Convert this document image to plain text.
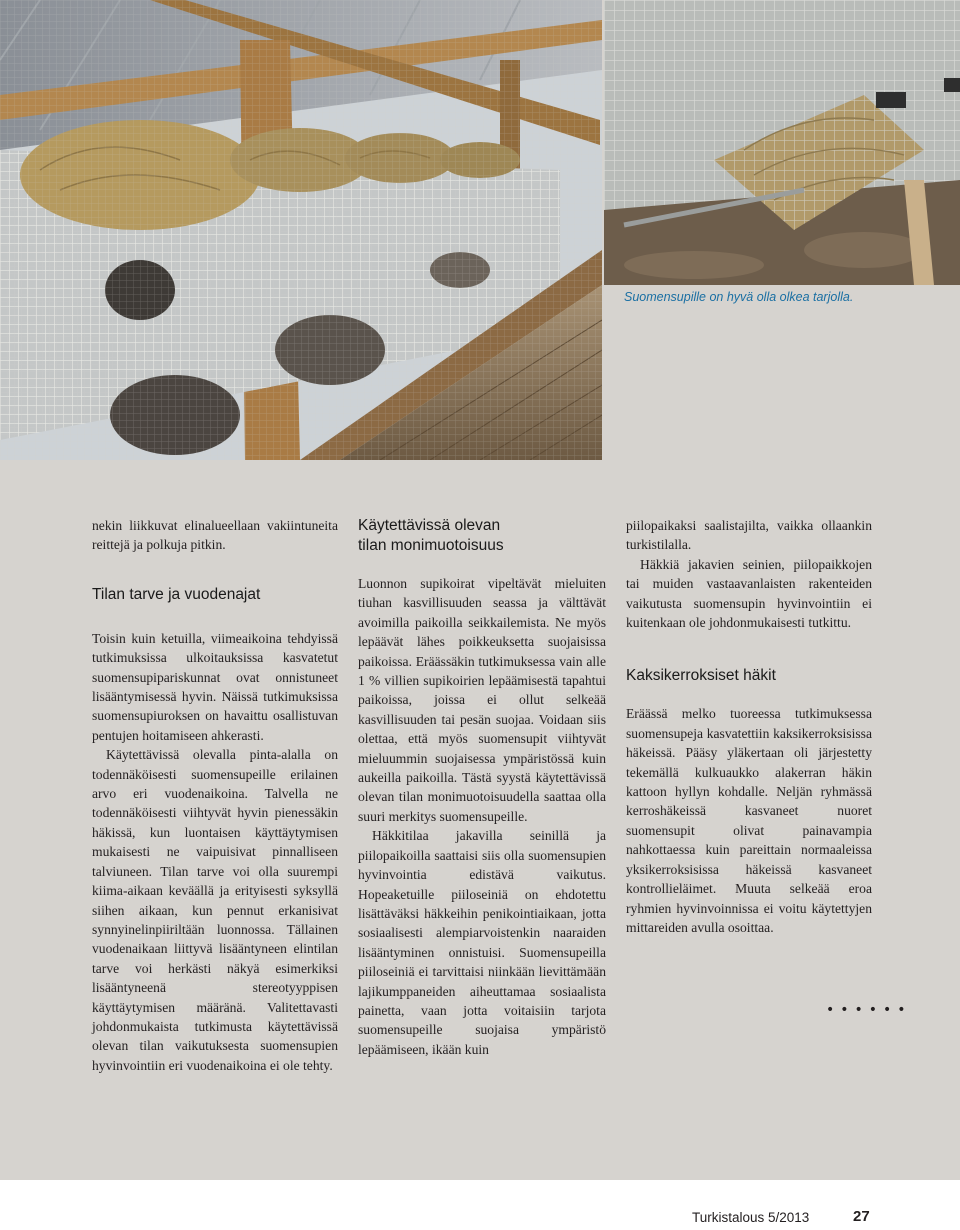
Suomensupille on hyvä olla olkea tarjolla.

nekin liikkuvat elinalueellaan vakiintuneita reittejä ja polkuja pitkin.

Tilan tarve ja vuodenajat

Toisin kuin ketuilla, viimeaikoina tehdyissä tutkimuksissa ulkoitauksissa kasvatetut suomensupipariskunnat ovat onnistuneet lisääntymisessä hyvin. Näissä tutkimuksissa suomensupiuroksen on havaittu osallistuvan pentujen hoitamiseen ahkerasti.

Käytettävissä olevalla pinta-alalla on todennäköisesti suomensupeille erilainen arvo eri vuodenaikoina. Talvella ne todennäköisesti viihtyvät hyvin pienessäkin häkissä, kun luontaisen käyttäytymisen mukaisesti ne vaipuisivat pinnalliseen talviuneen. Tilan tarve voi olla suurempi kiima-aikaan keväällä ja erityisesti syksyllä siihen aikaan, kun pennut erkanisivat synnyinelinpiiriltään luonnossa. Tällainen vuodenaikaan liittyvä lisääntyneen elintilan tarve voi herkästi näkyä esimerkiksi lisääntyneenä stereotyyppisen käyttäytymisen määränä. Valitettavasti johdonmukaista tutkimusta käytettävissä olevan tilan vaikutuksesta suomensupien hyvinvointiin eri vuodenaikoina ei ole tehty.

Käytettävissä olevan
tilan monimuotoisuus

Luonnon supikoirat vipeltävät mieluiten tiuhan kasvillisuuden seassa ja välttävät avoimilla paikoilla seikkailemista. Ne myös lepäävät lähes poikkeuksetta suojaisissa paikoissa. Eräässäkin tutkimuksessa vain alle 1 % villien supikoirien lepäämisestä tapahtui paikoissa, joissa ei ollut selkeää kasvillisuuden tai pesän suojaa. Voidaan siis olettaa, että myös suomensupit viihtyvät mieluummin suojaisessa ympäristössä kuin aukeilla paikoilla. Tästä syystä käytettävissä olevan tilan monimuotoisuudella saattaa olla suuri merkitys suomensupeille.

Häkkitilaa jakavilla seinillä ja piilopaikoilla saattaisi siis olla suomensupien hyvinvointia edistävä vaikutus. Hopeaketuille piiloseiniä on ehdotettu lisättäväksi häkkeihin penikointiaikaan, jotta sosiaalisesti alempiarvoistenkin naaraiden lisääntyminen onnistuisi. Suomensupeilla piiloseiniä ei tarvittaisi niinkään lievittämään lajikumppaneiden aiheuttamaa sosiaalista painetta, vaan jotta voitaisiin tarjota suomensupeille suojaisa ympäristö lepäämiseen, ikään kuin

piilopaikaksi saalistajilta, vaikka ollaankin turkistilalla.

Häkkiä jakavien seinien, piilopaikkojen tai muiden vastaavanlaisten rakenteiden vaikutusta suomensupin hyvinvointiin ei kuitenkaan ole johdonmukaisesti tutkittu.

Kaksikerroksiset häkit

Eräässä melko tuoreessa tutkimuksessa suomensupeja kasvatettiin kaksikerroksisissa häkeissä. Pääsy yläkertaan oli järjestetty tekemällä kulkuaukko alakerran häkin kattoon hyllyn kohdalle. Neljän ryhmässä kerroshäkeissä kasvaneet nuoret suomensupit olivat painavampia nahkottaessa kuin pareittain normaaleissa yksikerroksisissa häkeissä kasvaneet kontrollieläimet. Muuta selkeää eroa ryhmien hyvinvoinnissa ei voitu käytettyjen mittareiden avulla osoittaa.

••••••
Turkistalous 5/2013	27
